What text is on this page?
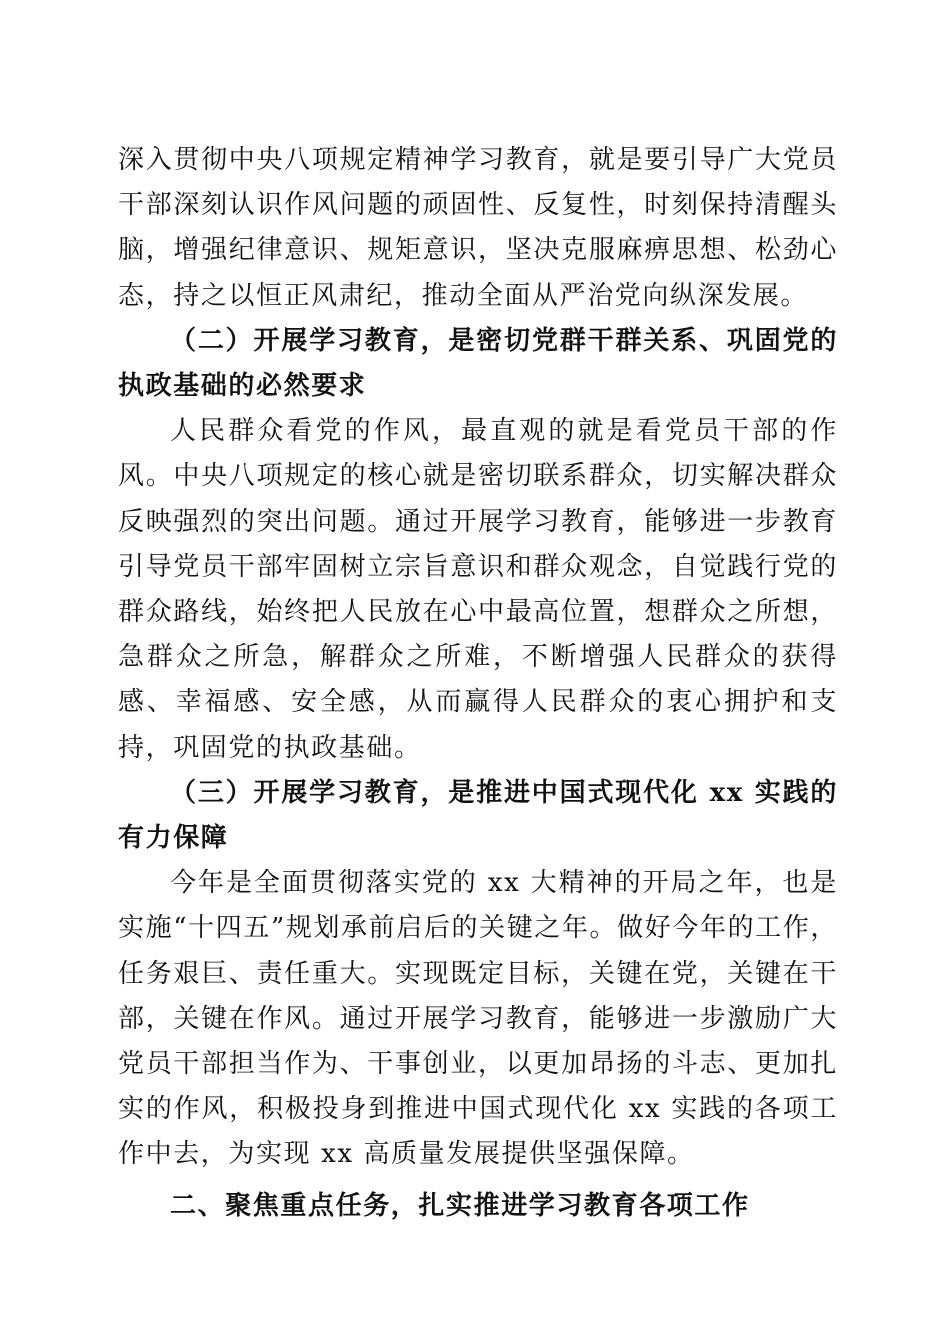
深入贯彻中央八项规定精神学习教育，就是要引导广大党员干部深刻认识作风问题的顽固性、反复性，时刻保持清醒头脑，增强纪律意识、规矩意识，坚决克服麻痹思想、松劲心态，持之以恒正风肃纪，推动全面从严治党向纵深发展。

（二）开展学习教育，是密切党群干群关系、巩固党的执政基础的必然要求

人民群众看党的作风，最直观的就是看党员干部的作风。中央八项规定的核心就是密切联系群众，切实解决群众反映强烈的突出问题。通过开展学习教育，能够进一步教育引导党员干部牢固树立宗旨意识和群众观念，自觉践行党的群众路线，始终把人民放在心中最高位置，想群众之所想，急群众之所急，解群众之所难，不断增强人民群众的获得感、幸福感、安全感，从而赢得人民群众的衷心拥护和支持，巩固党的执政基础。

（三）开展学习教育，是推进中国式现代化 xx 实践的有力保障

今年是全面贯彻落实党的 xx 大精神的开局之年，也是实施“十四五”规划承前启后的关键之年。做好今年的工作，任务艰巨、责任重大。实现既定目标，关键在党，关键在干部，关键在作风。通过开展学习教育，能够进一步激励广大党员干部担当作为、干事创业，以更加昂扬的斗志、更加扎实的作风，积极投身到推进中国式现代化 xx 实践的各项工作中去，为实现 xx 高质量发展提供坚强保障。

二、聚焦重点任务，扎实推进学习教育各项工作
